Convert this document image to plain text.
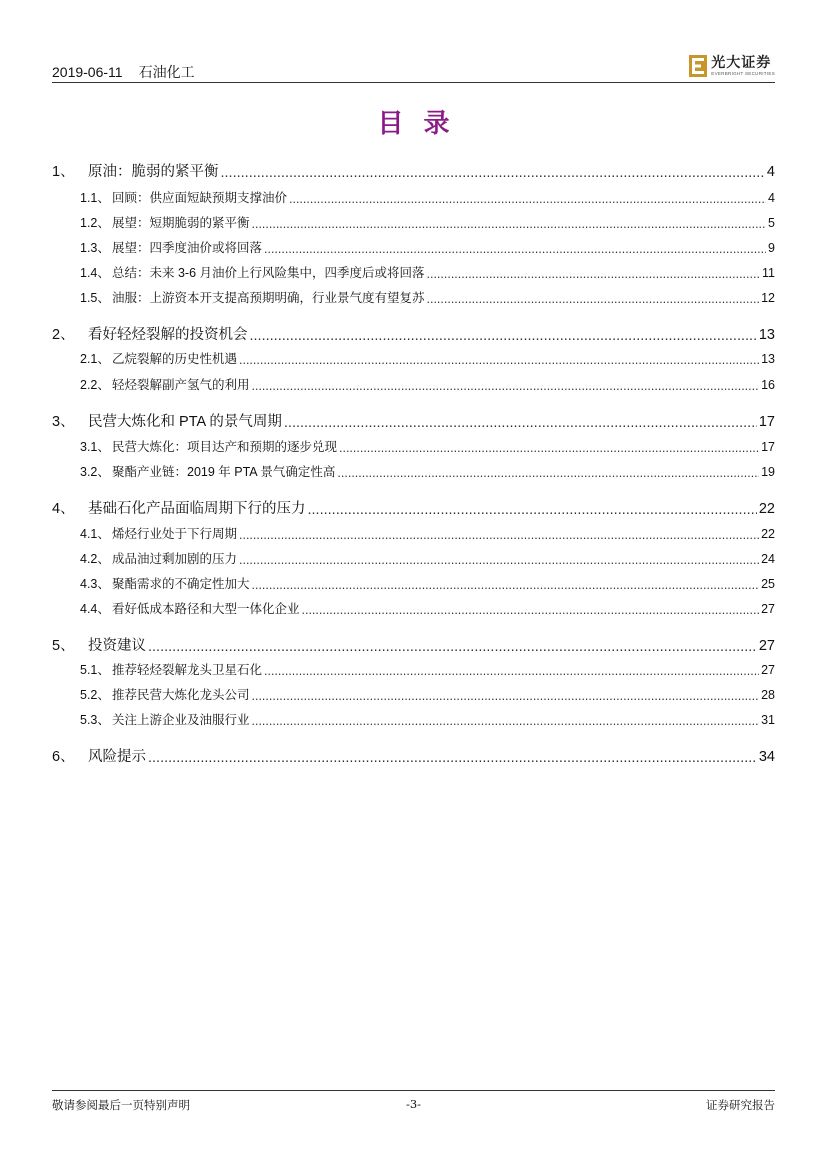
2019-06-11 石油化工	E 光大证券
EVERBRIGHT SECURITIES
目录
1、 原油：脆弱的紧平衡 .....	4
1.1、 回顾：供应面短缺预期支撑油价 .....	4
1.2、 展望：短期脆弱的紧平衡 .....	5
1.3、 展望：四季度油价或将回落 .....	9
1.4、 总结：未来 3-6 月油价上行风险集中，四季度后或将回落 .....	11
1.5、 油服：上游资本开支提高预期明确，行业景气度有望复苏 .....	12
2、 看好轻烃裂解的投资机会 .....	13
2.1、 乙烷裂解的历史性机遇 .....	13
2.2、 轻烃裂解副产氢气的利用 .....	16
3、 民营大炼化和 PTA 的景气周期 .....	17
3.1、 民营大炼化：项目达产和预期的逐步兑现 .....	17
3.2、 聚酯产业链：2019 年 PTA 景气确定性高 .....	19
4、 基础石化产品面临周期下行的压力 .....	22
4.1、 烯烃行业处于下行周期 .....	22
4.2、 成品油过剩加剧的压力 .....	24
4.3、 聚酯需求的不确定性加大 .....	25
4.4、 看好低成本路径和大型一体化企业 .....	27
5、 投资建议 .....	27
5.1、 推荐轻烃裂解龙头卫星石化 .....	27
5.2、 推荐民营大炼化龙头公司 .....	28
5.3、 关注上游企业及油服行业 .....	31
6、 风险提示 .....	34
敬请参阅最后一页特别声明	-3-	证券研究报告
